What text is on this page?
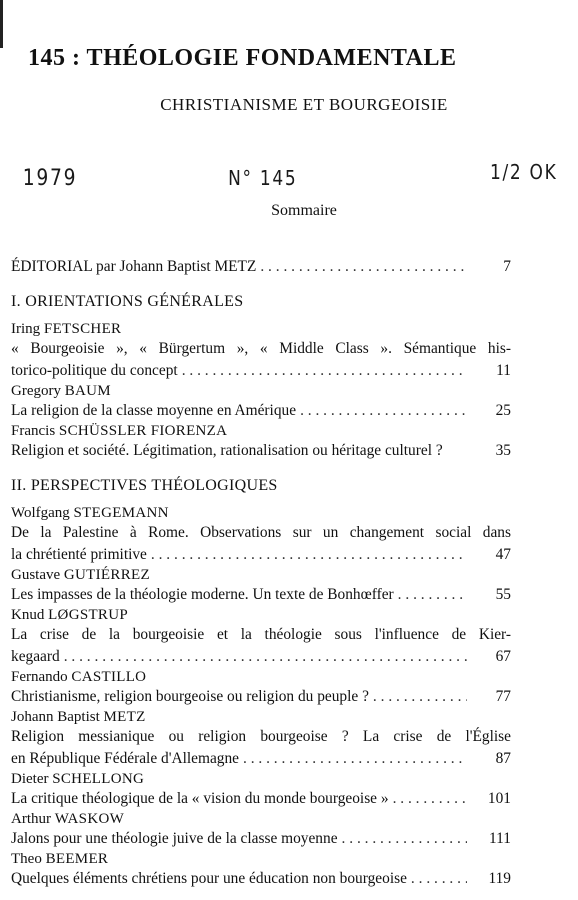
145 : THÉOLOGIE FONDAMENTALE
CHRISTIANISME ET BOURGEOISIE
1979	N° 145	1/2 OK
Sommaire
ÉDITORIAL par Johann Baptist METZ . . .	7
I. ORIENTATIONS GÉNÉRALES
Iring FETSCHER
« Bourgeoisie », « Bürgertum », « Middle Class ». Sémantique his-
torico-politique du concept . . .	11
Gregory BAUM
La religion de la classe moyenne en Amérique . . .	25
Francis SCHÜSSLER FIORENZA
Religion et société. Légitimation, rationalisation ou héritage culturel ?	35
II. PERSPECTIVES THÉOLOGIQUES
Wolfgang STEGEMANN
De la Palestine à Rome. Observations sur un changement social dans
la chrétienté primitive . . .	47
Gustave GUTIÉRREZ
Les impasses de la théologie moderne. Un texte de Bonhœffer . . .	55
Knud LØGSTRUP
La crise de la bourgeoisie et la théologie sous l'influence de Kier-
kegaard . . .	67
Fernando CASTILLO
Christianisme, religion bourgeoise ou religion du peuple ? . . .	77
Johann Baptist METZ
Religion messianique ou religion bourgeoise ? La crise de l'Église
en République Fédérale d'Allemagne . . .	87
Dieter SCHELLONG
La critique théologique de la « vision du monde bourgeoise » . . .	101
Arthur WASKOW
Jalons pour une théologie juive de la classe moyenne . . .	111
Theo BEEMER
Quelques éléments chrétiens pour une éducation non bourgeoise . . .	119
